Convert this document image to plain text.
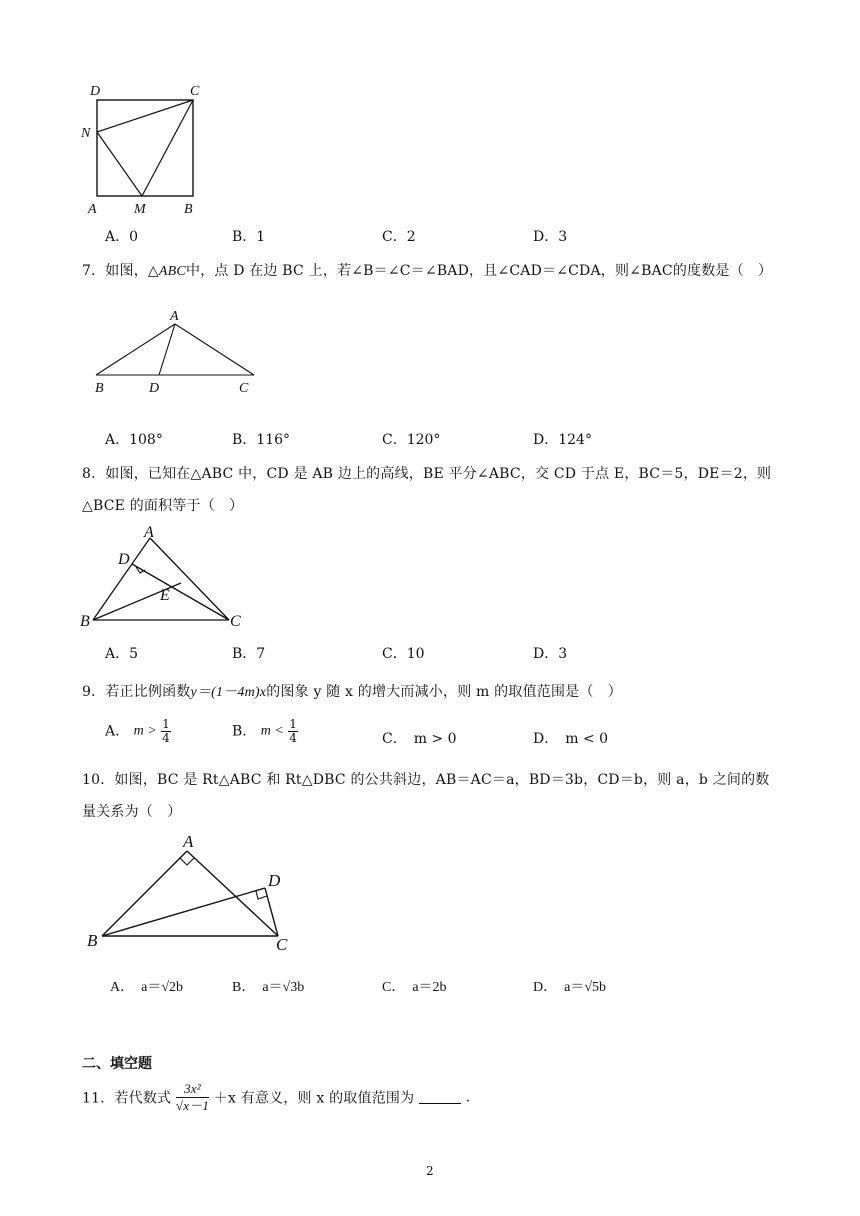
D	C
N
A	M	B
A．0	B．1	C．2	D．3
7．如图，△ABC中，点 D 在边 BC 上，若∠B＝∠C＝∠BAD，且∠CAD＝∠CDA，则∠BAC的度数是（　）
A
B	D	C
A．108°	B．116°	C．120°	D．124°
8．如图，已知在△ABC 中，CD 是 AB 边上的高线，BE 平分∠ABC，交 CD 于点 E，BC＝5，DE＝2，则
△BCE 的面积等于（　）
A
D
E
B	C
A．5	B．7	C．10	D．3
9．若正比例函数y＝(1－4m)x的图象 y 随 x 的增大而减小，则 m 的取值范围是（　）
A． $m > \frac{1}{4}$	B． $m < \frac{1}{4}$	C．　m > 0	D．　m < 0
10．如图，BC 是 Rt△ABC 和 Rt△DBC 的公共斜边，AB＝AC＝a，BD＝3b，CD＝b，则 a，b 之间的数
量关系为（　）
A
D
B	C
A．　a＝√2b	B．　a＝√3b	C．　a＝2b	D．　a＝√5b
二、填空题
11．若代数式 $\frac{\text{3x²}}{√x-1} +x$ 有意义，则 x 的取值范围为	.
2
